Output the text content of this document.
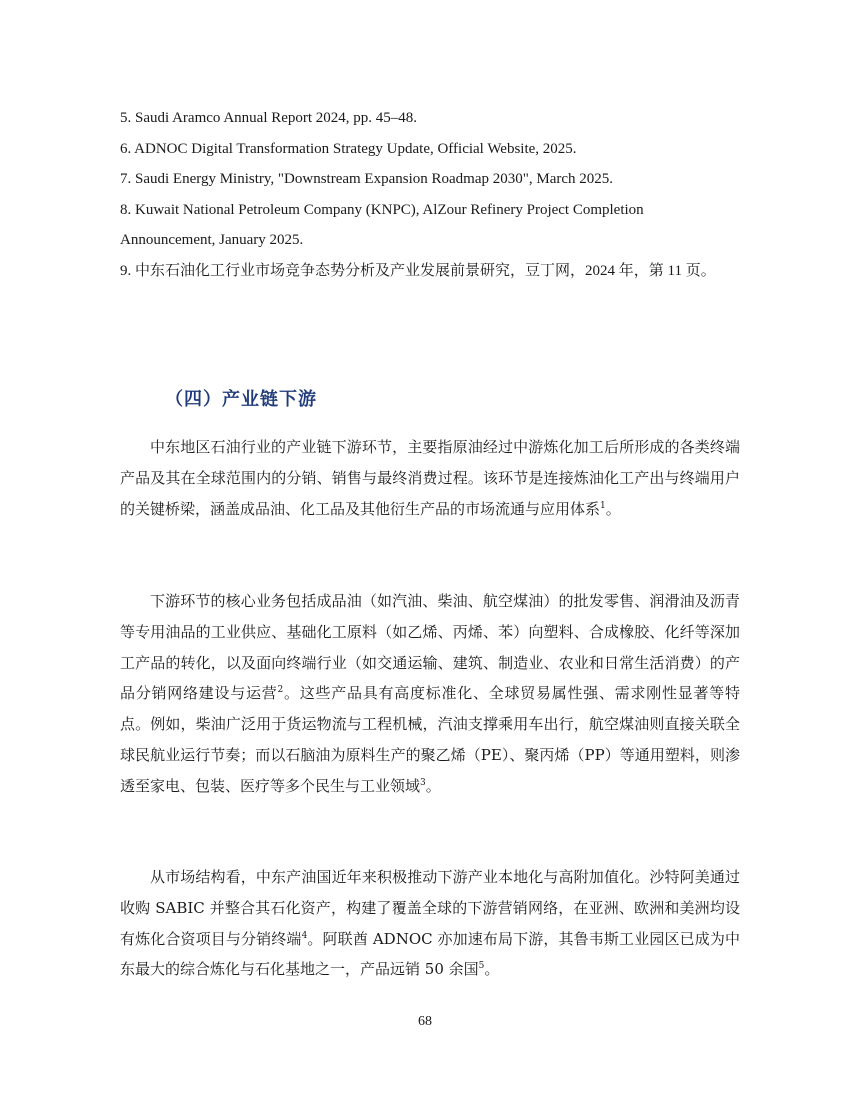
5. Saudi Aramco Annual Report 2024, pp. 45–48.

6. ADNOC Digital Transformation Strategy Update, Official Website, 2025.

7. Saudi Energy Ministry, "Downstream Expansion Roadmap 2030", March 2025.

8. Kuwait National Petroleum Company (KNPC), AlZour Refinery Project Completion Announcement, January 2025.

9. 中东石油化工行业市场竞争态势分析及产业发展前景研究，豆丁网，2024 年，第 11 页。

（四）产业链下游

中东地区石油行业的产业链下游环节，主要指原油经过中游炼化加工后所形成的各类终端产品及其在全球范围内的分销、销售与最终消费过程。该环节是连接炼油化工产出与终端用户的关键桥梁，涵盖成品油、化工品及其他衍生产品的市场流通与应用体系$^1$。

下游环节的核心业务包括成品油（如汽油、柴油、航空煤油）的批发零售、润滑油及沥青等专用油品的工业供应、基础化工原料（如乙烯、丙烯、苯）向塑料、合成橡胶、化纤等深加工产品的转化，以及面向终端行业（如交通运输、建筑、制造业、农业和日常生活消费）的产品分销网络建设与运营$^2$。这些产品具有高度标准化、全球贸易属性强、需求刚性显著等特点。例如，柴油广泛用于货运物流与工程机械，汽油支撑乘用车出行，航空煤油则直接关联全球民航业运行节奏；而以石脑油为原料生产的聚乙烯（PE）、聚丙烯（PP）等通用塑料，则渗透至家电、包装、医疗等多个民生与工业领域$^3$。

从市场结构看，中东产油国近年来积极推动下游产业本地化与高附加值化。沙特阿美通过收购 SABIC 并整合其石化资产，构建了覆盖全球的下游营销网络，在亚洲、欧洲和美洲均设有炼化合资项目与分销终端$^4$。阿联酋 ADNOC 亦加速布局下游，其鲁韦斯工业园区已成为中东最大的综合炼化与石化基地之一，产品远销 50 余国$^5$。

68
